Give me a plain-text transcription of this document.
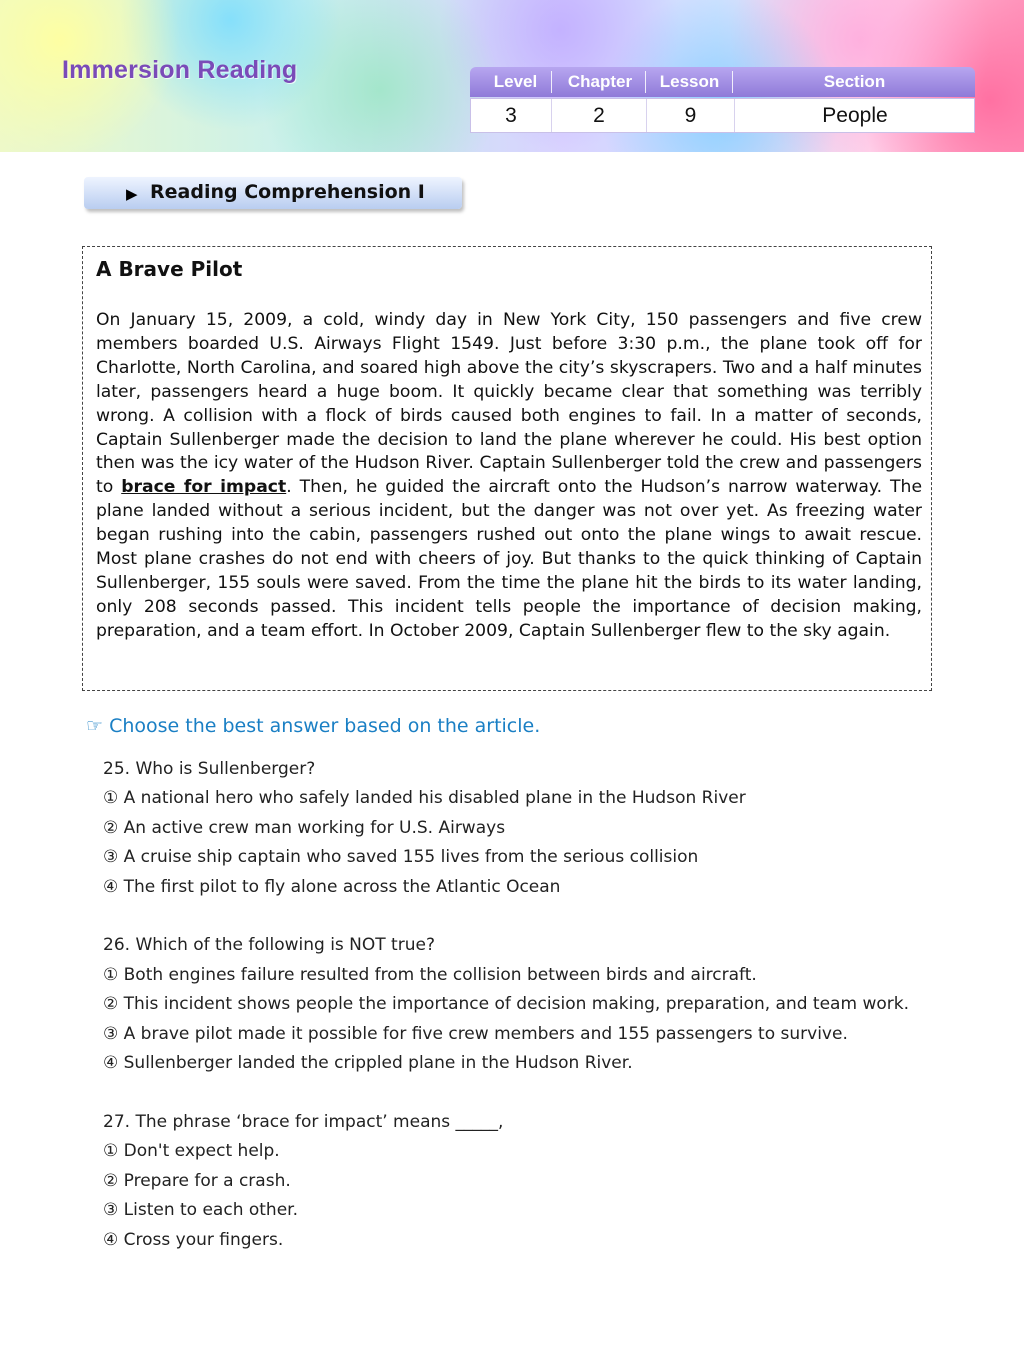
Immersion Reading	Level	Chapter	Lesson	Section
3	2	9	People
▶ Reading Comprehension I
A Brave Pilot

On January 15, 2009, a cold, windy day in New York City, 150 passengers and five crew members boarded U.S. Airways Flight 1549. Just before 3:30 p.m., the plane took off for Charlotte, North Carolina, and soared high above the city’s skyscrapers. Two and a half minutes later, passengers heard a huge boom. It quickly became clear that something was terribly wrong. A collision with a flock of birds caused both engines to fail. In a matter of seconds, Captain Sullenberger made the decision to land the plane wherever he could. His best option then was the icy water of the Hudson River. Captain Sullenberger told the crew and passengers to brace for impact. Then, he guided the aircraft onto the Hudson’s narrow waterway. The plane landed without a serious incident, but the danger was not over yet. As freezing water began rushing into the cabin, passengers rushed out onto the plane wings to await rescue. Most plane crashes do not end with cheers of joy. But thanks to the quick thinking of Captain Sullenberger, 155 souls were saved. From the time the plane hit the birds to its water landing, only 208 seconds passed. This incident tells people the importance of decision making, preparation, and a team effort. In October 2009, Captain Sullenberger flew to the sky again.

☞ Choose the best answer based on the article.
25. Who is Sullenberger?
① A national hero who safely landed his disabled plane in the Hudson River
② An active crew man working for U.S. Airways
③ A cruise ship captain who saved 155 lives from the serious collision
④ The first pilot to fly alone across the Atlantic Ocean
26. Which of the following is NOT true?
① Both engines failure resulted from the collision between birds and aircraft.
② This incident shows people the importance of decision making, preparation, and team work.
③ A brave pilot made it possible for five crew members and 155 passengers to survive.
④ Sullenberger landed the crippled plane in the Hudson River.
27. The phrase ‘brace for impact’ means _____,
① Don't expect help.
② Prepare for a crash.
③ Listen to each other.
④ Cross your fingers.
